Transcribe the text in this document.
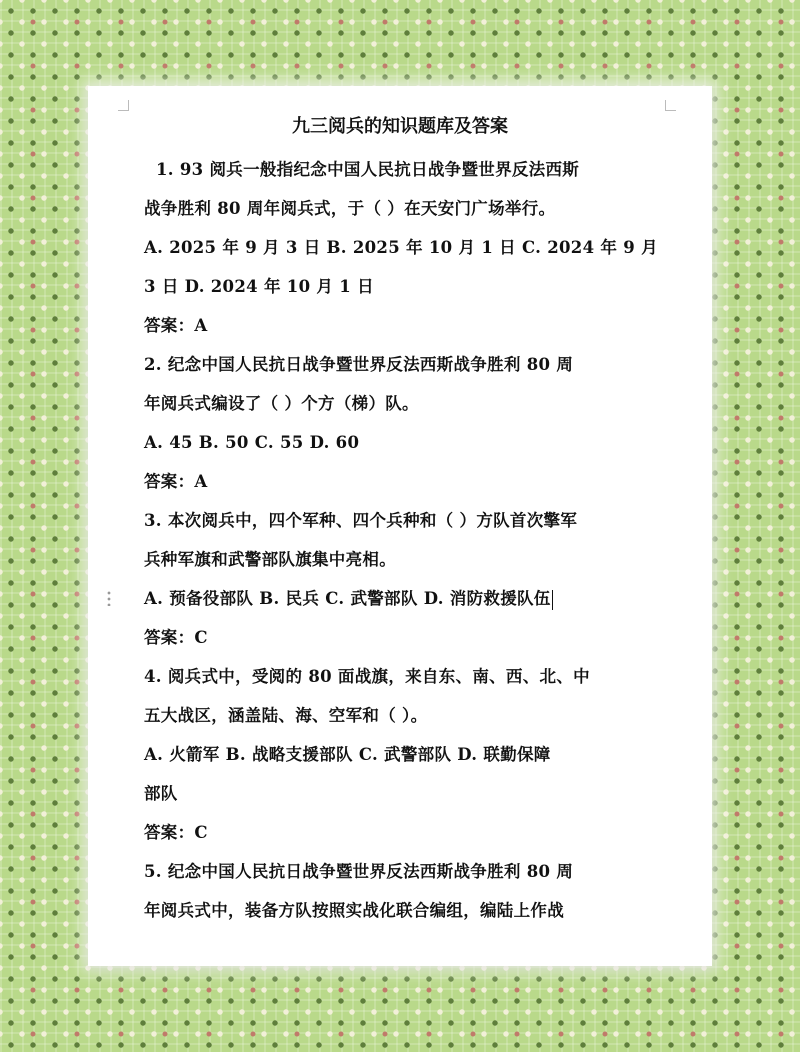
九三阅兵的知识题库及答案
1. 93 阅兵一般指纪念中国人民抗日战争暨世界反法西斯
战争胜利 80 周年阅兵式，于（ ）在天安门广场举行。
A. 2025 年 9 月 3 日 B. 2025 年 10 月 1 日 C. 2024 年 9 月
3 日 D. 2024 年 10 月 1 日
答案：A
2. 纪念中国人民抗日战争暨世界反法西斯战争胜利 80 周
年阅兵式编设了（ ）个方（梯）队。
A. 45 B. 50 C. 55 D. 60
答案：A
3. 本次阅兵中，四个军种、四个兵种和（ ）方队首次擎军
兵种军旗和武警部队旗集中亮相。
A. 预备役部队 B. 民兵 C. 武警部队 D. 消防救援队伍
答案：C
4. 阅兵式中，受阅的 80 面战旗，来自东、南、西、北、中
五大战区，涵盖陆、海、空军和（ ）。
A. 火箭军 B. 战略支援部队 C. 武警部队 D. 联勤保障
部队
答案：C
5. 纪念中国人民抗日战争暨世界反法西斯战争胜利 80 周
年阅兵式中，装备方队按照实战化联合编组，编陆上作战
